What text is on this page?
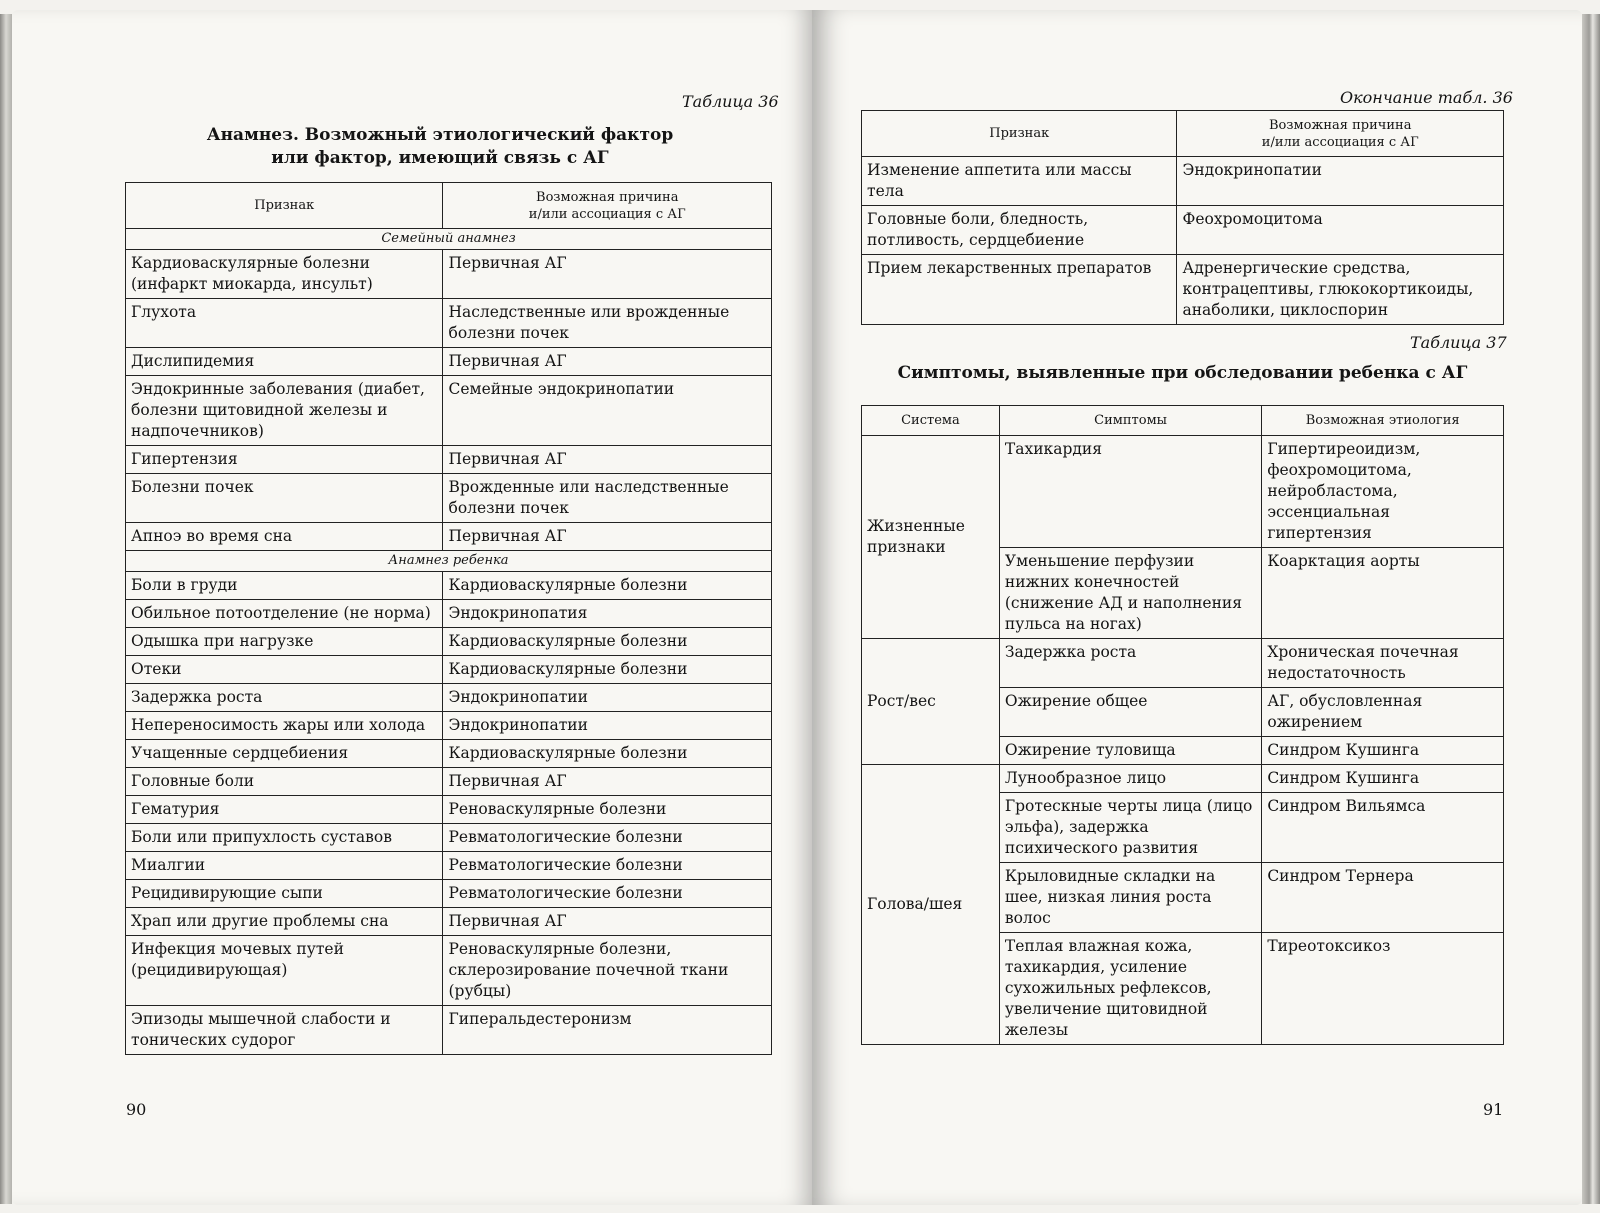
Таблица 36
Анамнез. Возможный этиологический фактор
или фактор, имеющий связь с АГ
Признак	Возможная причина
и/или ассоциация с АГ
Семейный анамнез	
Кардиоваскулярные болезни (инфаркт миокарда, инсульт)	Первичная АГ
Глухота	Наследственные или врожденные болезни почек
Дислипидемия	Первичная АГ
Эндокринные заболевания (диабет, болезни щитовидной железы и надпочечников)	Семейные эндокринопатии
Гипертензия	Первичная АГ
Болезни почек	Врожденные или наследственные болезни почек
Апноэ во время сна	Первичная АГ
Анамнез ребенка	
Боли в груди	Кардиоваскулярные болезни
Обильное потоотделение (не норма)	Эндокринопатия
Одышка при нагрузке	Кардиоваскулярные болезни
Отеки	Кардиоваскулярные болезни
Задержка роста	Эндокринопатии
Непереносимость жары или холода	Эндокринопатии
Учащенные сердцебиения	Кардиоваскулярные болезни
Головные боли	Первичная АГ
Гематурия	Реноваскулярные болезни
Боли или припухлость суставов	Ревматологические болезни
Миалгии	Ревматологические болезни
Рецидивирующие сыпи	Ревматологические болезни
Храп или другие проблемы сна	Первичная АГ
Инфекция мочевых путей (рецидивирующая)	Реноваскулярные болезни, склерозирование почечной ткани (рубцы)
Эпизоды мышечной слабости и тонических судорог	Гиперальдестеронизм
90
Окончание табл. 36
Признак	Возможная причина
и/или ассоциация с АГ
Изменение аппетита или массы тела	Эндокринопатии
Головные боли, бледность, потливость, сердцебиение	Феохромоцитома
Прием лекарственных препаратов	Адренергические средства, контрацептивы, глюкокортикоиды, анаболики, циклоспорин
Таблица 37
Симптомы, выявленные при обследовании ребенка с АГ
Система	Симптомы	Возможная этиология
Жизненные признаки	Тахикардия	Гипертиреоидизм, феохромоцитома, нейробластома, эссенциальная гипертензия
	Уменьшение перфузии нижних конечностей (снижение АД и наполнения пульса на ногах)	Коарктация аорты
Рост/вес	Задержка роста	Хроническая почечная недостаточность
	Ожирение общее	АГ, обусловленная ожирением
	Ожирение туловища	Синдром Кушинга
Голова/шея	Лунообразное лицо	Синдром Кушинга
	Гротескные черты лица (лицо эльфа), задержка психического развития	Синдром Вильямса
	Крыловидные складки на шее, низкая линия роста волос	Синдром Тернера
	Теплая влажная кожа, тахикардия, усиление сухожильных рефлексов, увеличение щитовидной железы	Тиреотоксикоз
91
